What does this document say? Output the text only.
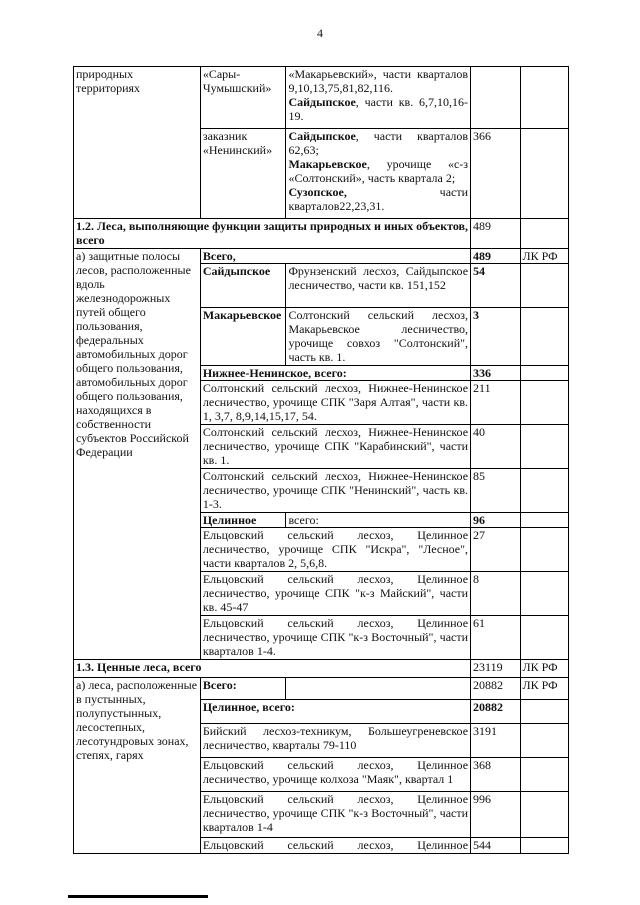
4
природных территориях	«Сары-Чумышский»	«Макарьевский», части кварталов 9,10,13,75,81,82,116.
Сайдыпское, части кв. 6,7,10,16-19.		
	заказник «Ненинский»	Сайдыпское, части кварталов 62,63;
Макарьевское, урочище «с-з «Солтонский», часть квартала 2;
Сузопское, части кварталов22,23,31.	366	
1.2. Леса, выполняющие функции защиты природных и иных объектов, всего			489	
а) защитные полосы лесов, расположенные вдоль железнодорожных путей общего пользования, федеральных автомобильных дорог общего пользования, автомобильных дорог общего пользования, находящихся в собственности субъектов Российской Федерации	Всего,		489	ЛК РФ
	Сайдыпское	Фрунзенский лесхоз, Сайдыпское лесничество, части кв. 151,152	54	
	Макарьевское	Солтонский сельский лесхоз, Макарьевское лесничество, урочище совхоз "Солтонский", часть кв. 1.	3	
	Нижнее-Ненинское, всего:		336	
	Солтонский сельский лесхоз, Нижнее-Ненинское лесничество, урочище СПК "Заря Алтая", части кв. 1, 3,7, 8,9,14,15,17, 54.		211	
	Солтонский сельский лесхоз, Нижнее-Ненинское лесничество, урочище СПК "Карабинский", части кв. 1.		40	
	Солтонский сельский лесхоз, Нижнее-Ненинское лесничество, урочище СПК "Ненинский", часть кв. 1-3.		85	
	Целинное	всего:	96	
	Ельцовский сельский лесхоз, Целинное лесничество, урочище СПК "Искра", "Лесное", части кварталов 2, 5,6,8.		27	
	Ельцовский сельский лесхоз, Целинное лесничество, урочище СПК "к-з Майский", части кв. 45-47		8	
	Ельцовский сельский лесхоз, Целинное лесничество, урочище СПК "к-з Восточный", части кварталов 1-4.		61	
1.3. Ценные леса, всего			23119	ЛК РФ
а) леса, расположенные в пустынных, полупустынных, лесостепных, лесотундровых зонах, степях, гарях	Всего:		20882	ЛК РФ
	Целинное, всего:		20882	
	Бийский лесхоз-техникум, Большеугреневское лесничество, кварталы 79-110		3191	
	Ельцовский сельский лесхоз, Целинное лесничество, урочище колхоза "Маяк", квартал 1		368	
	Ельцовский сельский лесхоз, Целинное лесничество, урочище СПК "к-з Восточный", части кварталов 1-4		996	
	Ельцовский сельский лесхоз, Целинное		544	
